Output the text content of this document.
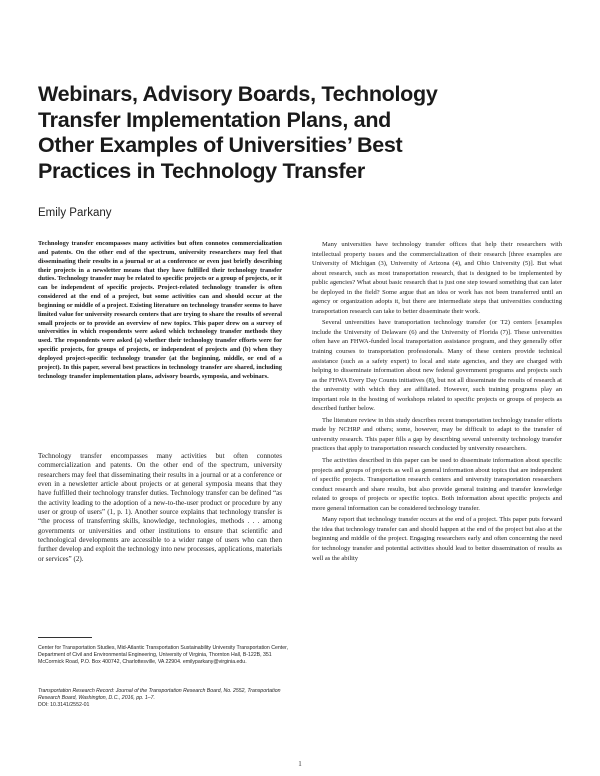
Webinars, Advisory Boards, Technology
Transfer Implementation Plans, and
Other Examples of Universities’ Best
Practices in Technology Transfer
Emily Parkany

Technology transfer encompasses many activities but often connotes commercialization and patents. On the other end of the spectrum, university researchers may feel that disseminating their results in a journal or at a conference or even just briefly describing their projects in a newsletter means that they have fulfilled their technology transfer duties. Technology transfer may be related to specific projects or a group of projects, or it can be independent of specific projects. Project-related technology transfer is often considered at the end of a project, but some activities can and should occur at the beginning or middle of a project. Existing literature on technology transfer seems to have limited value for university research centers that are trying to share the results of several small projects or to provide an overview of new topics. This paper drew on a survey of universities in which respondents were asked which technology transfer methods they used. The respondents were asked (a) whether their technology transfer efforts were for specific projects, for groups of projects, or independent of projects and (b) when they deployed project-specific technology transfer (at the beginning, middle, or end of a project). In this paper, several best practices in technology transfer are shared, including technology transfer implementation plans, advisory boards, symposia, and webinars.

Technology transfer encompasses many activities but often connotes commercialization and patents. On the other end of the spectrum, university researchers may feel that disseminating their results in a journal or at a conference or even in a newsletter article about projects or at general symposia means that they have fulfilled their technology transfer duties. Technology transfer can be defined “as the activity leading to the adoption of a new-to-the-user product or procedure by any user or group of users” (1, p. 1). Another source explains that technology transfer is “the process of transferring skills, knowledge, technologies, methods . . . among governments or universities and other institutions to ensure that scientific and technological developments are accessible to a wider range of users who can then further develop and exploit the technology into new processes, applications, materials or services” (2).

Center for Transportation Studies, Mid-Atlantic Transportation Sustainability University Transportation Center, Department of Civil and Environmental Engineering, University of Virginia, Thornton Hall, B-122B, 351 McCormick Road, P.O. Box 400742, Charlottesville, VA 22904. emilyparkany@virginia.edu.

Transportation Research Record: Journal of the Transportation Research Board, No. 2552, Transportation Research Board, Washington, D.C., 2016, pp. 1–7.

DOI: 10.3141/2552-01

Many universities have technology transfer offices that help their researchers with intellectual property issues and the commercialization of their research [three examples are University of Michigan (3), University of Arizona (4), and Ohio University (5)]. But what about research, such as most transportation research, that is designed to be implemented by public agencies? What about basic research that is just one step toward something that can later be deployed in the field? Some argue that an idea or work has not been transferred until an agency or organization adopts it, but there are intermediate steps that universities conducting transportation research can take to better disseminate their work.

Several universities have transportation technology transfer (or T2) centers [examples include the University of Delaware (6) and the University of Florida (7)]. These universities often have an FHWA-funded local transportation assistance program, and they generally offer training courses to transportation professionals. Many of these centers provide technical assistance (such as a safety expert) to local and state agencies, and they are charged with helping to disseminate information about new federal government programs and projects such as the FHWA Every Day Counts initiatives (8), but not all disseminate the results of research at the university with which they are affiliated. However, such training programs play an important role in the hosting of workshops related to specific projects or groups of projects as described further below.

The literature review in this study describes recent transportation technology transfer efforts made by NCHRP and others; some, however, may be difficult to adapt to the transfer of university research. This paper fills a gap by describing several university technology transfer practices that apply to transportation research conducted by university researchers.

The activities described in this paper can be used to disseminate information about specific projects and groups of projects as well as general information about topics that are independent of specific projects. Transportation research centers and university transportation researchers conduct research and share results, but also provide general training and transfer knowledge related to groups of projects or specific topics. Both information about specific projects and more general information can be considered technology transfer.

Many report that technology transfer occurs at the end of a project. This paper puts forward the idea that technology transfer can and should happen at the end of the project but also at the beginning and middle of the project. Engaging researchers early and often concerning the need for technology transfer and potential activities should lead to better dissemination of results as well as the ability

1
